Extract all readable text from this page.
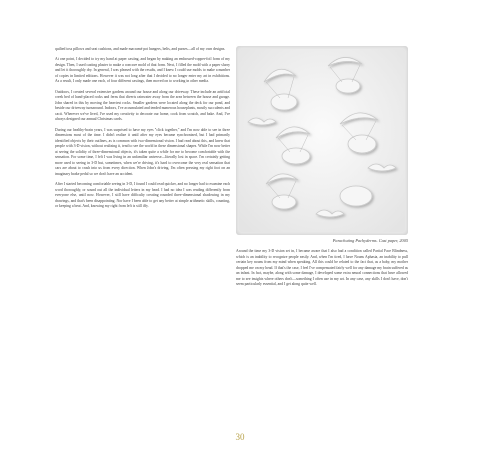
quilted toss pillows and seat cushions, and made macramé pot hangers, belts, and purses—all of my own designs.

At one point, I decided to try my hand at paper casting, and began by making an embossed-copper-foil form of my design. Then, I used casting plaster to make a concave mold of that form. Next, I filled the mold with a paper slurry and let it thoroughly dry. In general, I was pleased with the results, and I knew I could use molds to make a number of copies in limited editions. However it was not long after that I decided to no longer enter my art in exhibitions. As a result, I only made one each, of four different castings, then moved on to working in other media.

Outdoors, I created several extensive gardens around our house and along our driveway. These include an artificial creek bed of hand-placed rocks and ferns that diverts rainwater away from the area between the house and garage. John shared in this by moving the heaviest rocks. Smaller gardens were located along the deck for our pond, and beside our driveway turnaround. Indoors, I've accumulated and tended numerous houseplants, mostly succulents and cacti. Wherever we've lived, I've used my creativity to decorate our home, cook from scratch, and bake. And, I've always designed our annual Christmas cards.

During our healthy-brain years, I was surprised to have my eyes "click together," and I'm now able to see in three dimensions most of the time. I didn't realize it until after my eyes became synchronized, but I had primarily identified objects by their outlines, as is common with two-dimensional vision. I had read about this, and knew that people with 3-D vision, without realizing it, tend to see the world in these dimensional shapes. While I'm now better at seeing the solidity of three-dimensional objects, it's taken quite a while for me to become comfortable with the sensation. For some time, I felt I was living in an unfamiliar universe—literally lost in space. I'm certainly getting more used to seeing in 3-D but, sometimes, when we're driving, it's hard to overcome the very real sensation that cars are about to crash into us from every direction. When John's driving, I'm often pressing my right foot on an imaginary brake pedal so we don't have an accident.

After I started becoming comfortable seeing in 3-D, I found I could read quicker, and no longer had to examine each word thoroughly, or sound out all the individual letters in my head. I had no idea I was reading differently from everyone else, until now. However, I still have difficulty creating rounded three-dimensional shadowing in my drawings, and that's been disappointing. Nor have I been able to get any better at simple arithmetic skills, counting, or keeping a beat. And, knowing my right from left is still iffy.

Parachuting Pachyderms. Cast paper, 2005

Around the time my 3-D vision set in, I became aware that I also had a condition called Partial Face Blindness, which is an inability to recognize people easily. And, when I'm tired, I have Nouns Aphasia, an inability to pull certain key nouns from my mind when speaking. All this could be related to the fact that, as a baby, my mother dropped me on my head. If that's the case, I feel I've compensated fairly well for any damage my brain suffered as an infant. In fact, maybe, along with some damage, I developed some extra neural connections that have allowed me to see insights where others don't—something I often use in my art. In any case, any skills I don't have, don't seem particularly essential, and I get along quite well.

30
